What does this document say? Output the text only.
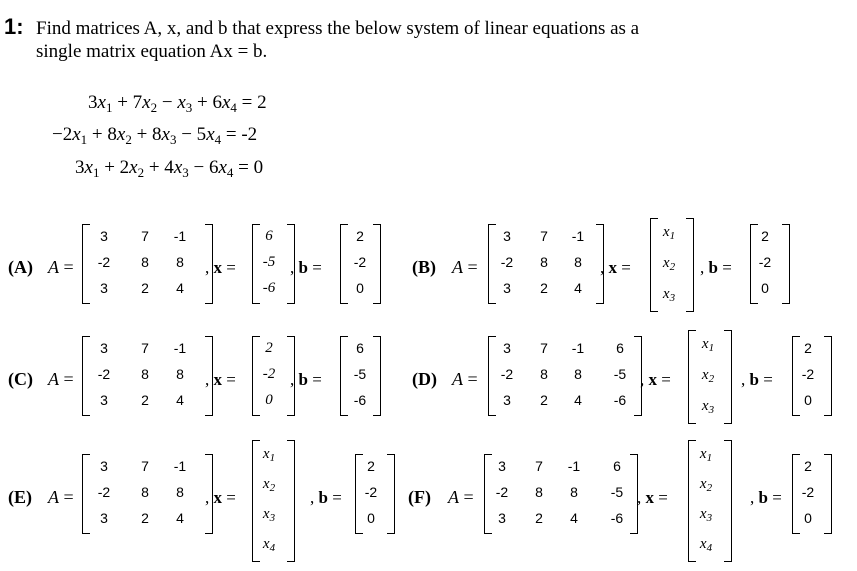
1: Find matrices A, x, and b that express the below system of linear equations as a
single matrix equation Ax = b.
$3x_1 + 7x_2 - x_3 + 6x_4 = 2$
$-2x_1 + 8x_2 + 8x_3 - 5x_4 = -2$
$3x_1 + 2x_2 + 4x_3 - 6x_4 = 0$
(A) A =
3	7	-1
-2	8	8
3	2	4
, x =
6
-5
-6
, b =
2
-2
0
(B) A =
3	7	-1
-2	8	8
3	2	4
, x =
$x_1$
$x_2$
$x_3$
, b =
2
-2
0
(C) A =
3	7	-1
-2	8	8
3	2	4
, x =
2
-2
0
, b =
6
-5
-6
(D) A =
3	7	-1	6
-2	8	8	-5
3	2	4	-6
, x =
$x_1$
$x_2$
$x_3$
, b =
2
-2
0
(E) A =
3	7	-1
-2	8	8
3	2	4
, x =
$x_1$
$x_2$
$x_3$
$x_4$
, b =
2
-2
0
(F) A =
3	7	-1	6
-2	8	8	-5
3	2	4	-6
, x =
$x_1$
$x_2$
$x_3$
$x_4$
, b =
2
-2
0
